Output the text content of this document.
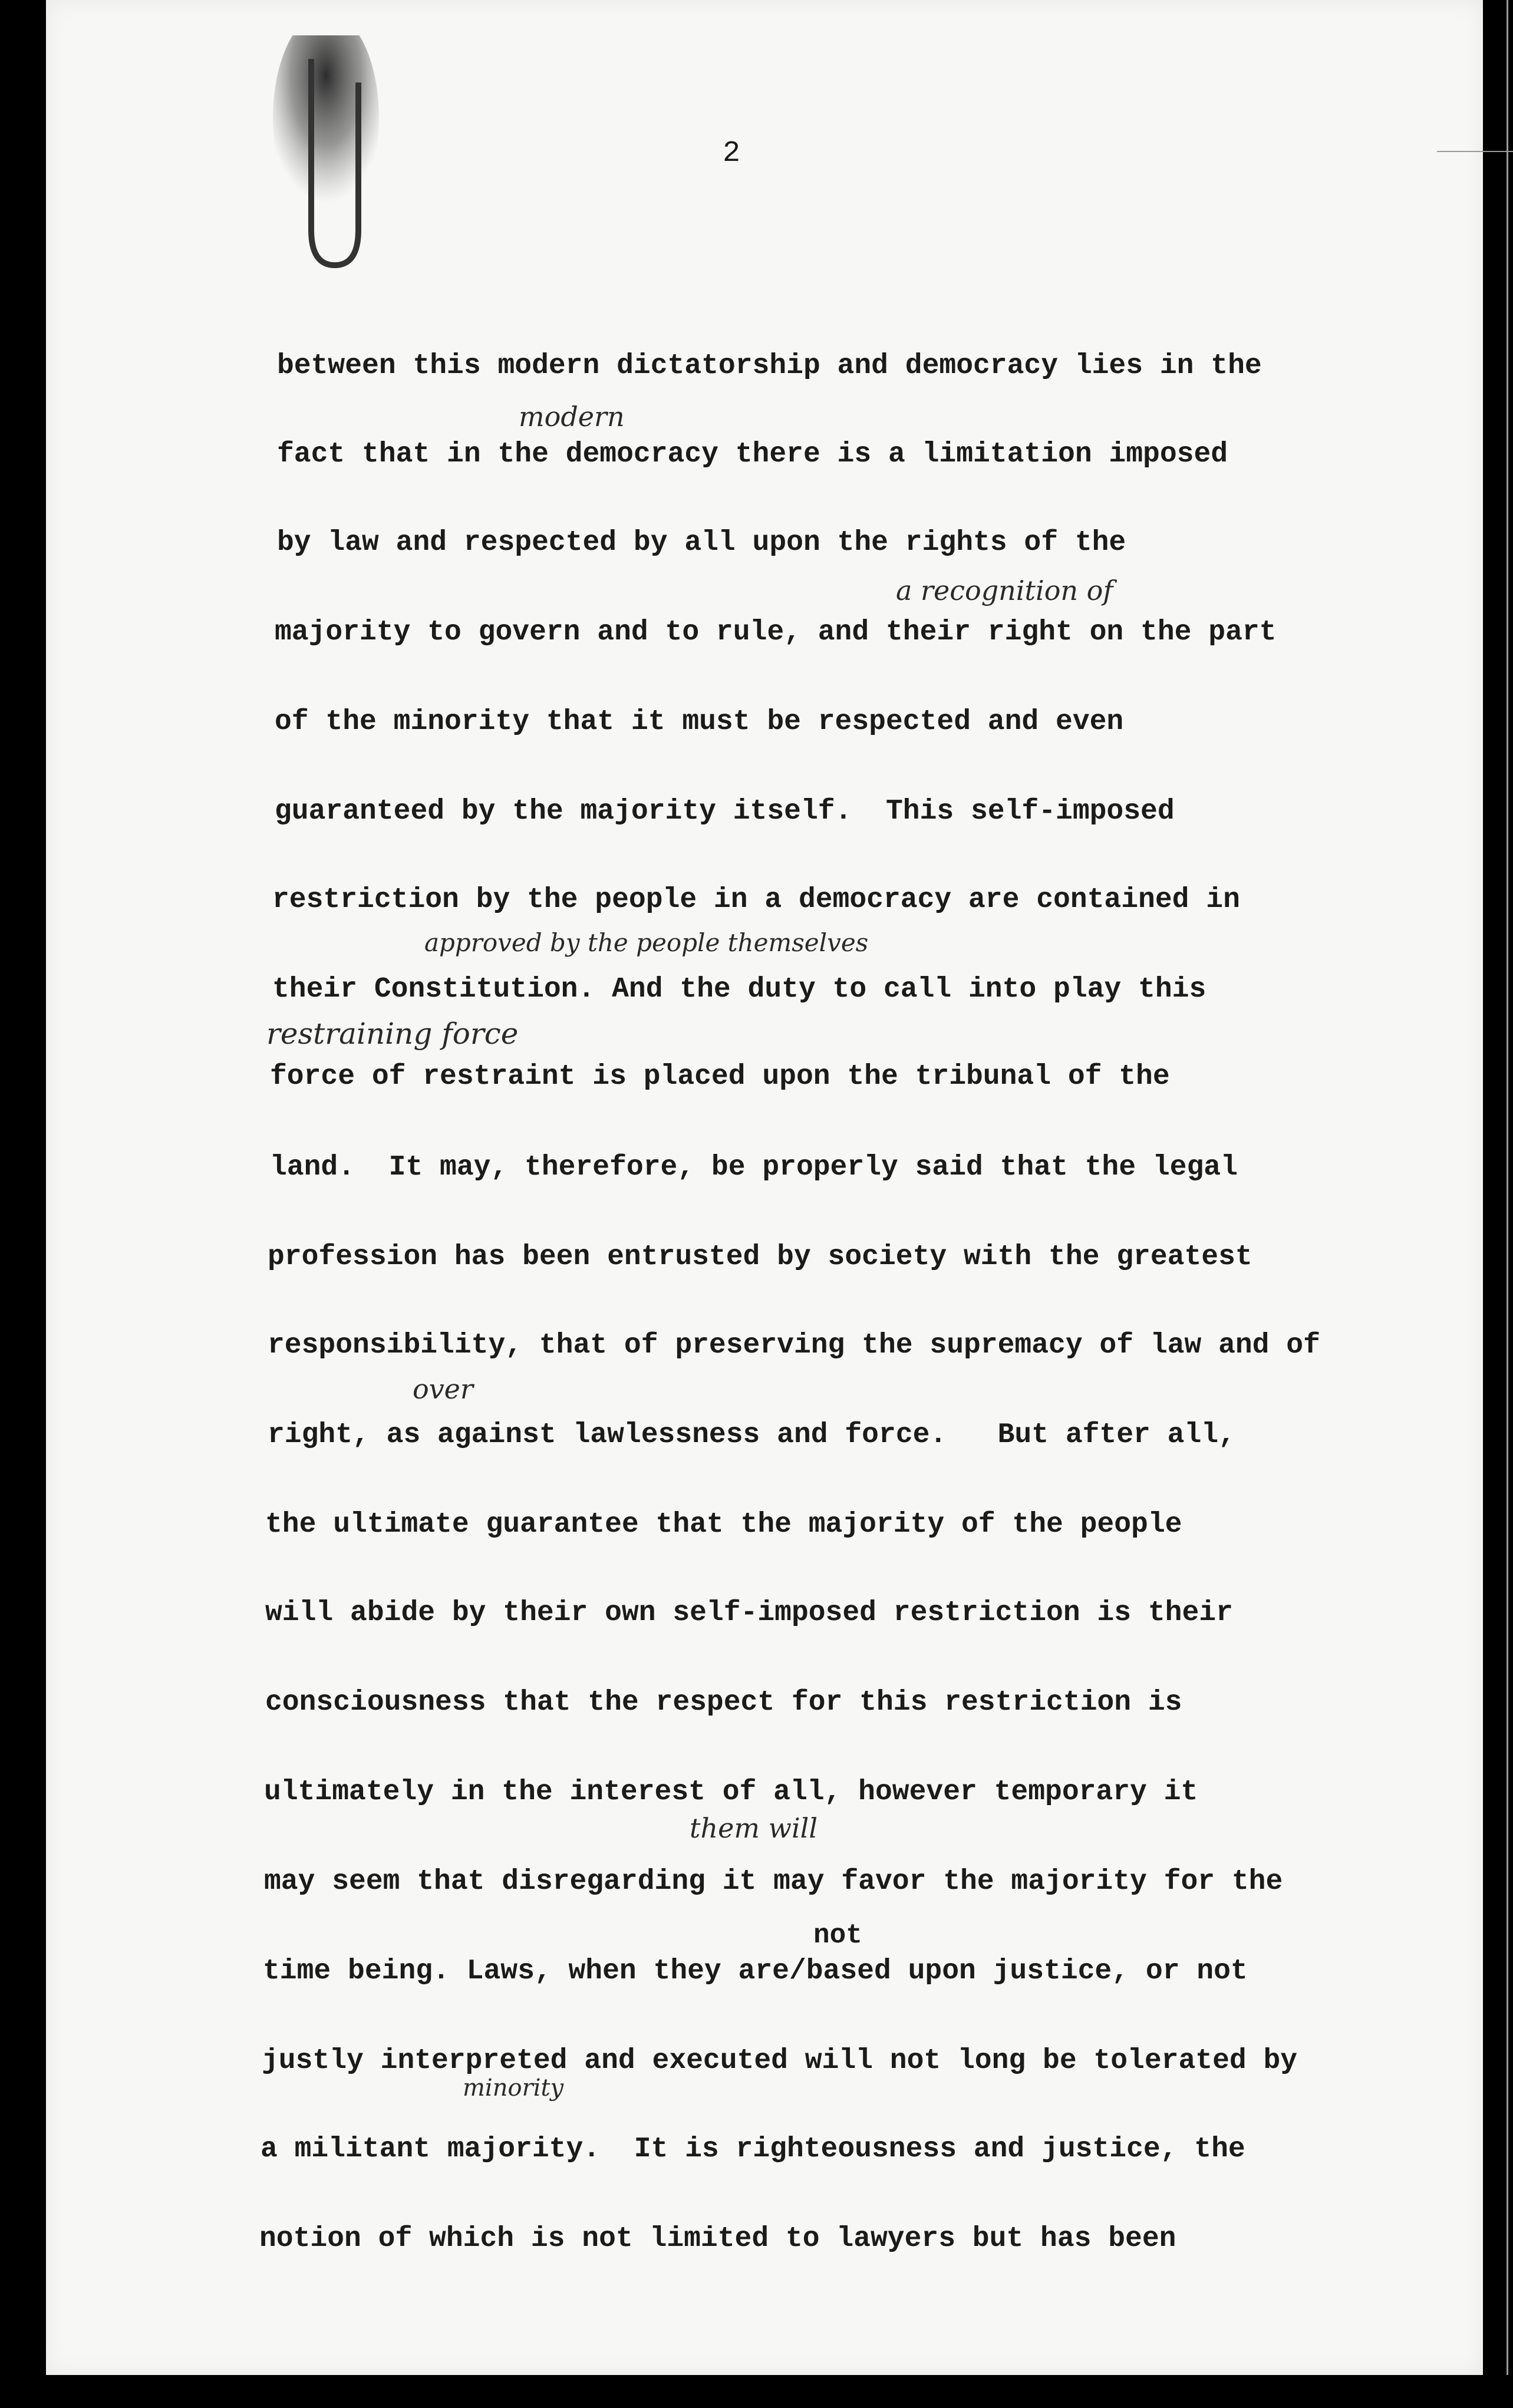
2
modern
a recognition of
approved by the people themselves
restraining force
over
them will
not
minority
between this modern dictatorship and democracy lies in the
fact that in the democracy there is a limitation imposed
by law and respected by all upon the rights of the
majority to govern and to rule, and their right on the part
of the minority that it must be respected and even
guaranteed by the majority itself.  This self-imposed
restriction by the people in a democracy are contained in
their Constitution. And the duty to call into play this
force of restraint is placed upon the tribunal of the
land.  It may, therefore, be properly said that the legal
profession has been entrusted by society with the greatest
responsibility, that of preserving the supremacy of law and of
right, as against lawlessness and force.   But after all,
the ultimate guarantee that the majority of the people
will abide by their own self-imposed restriction is their
consciousness that the respect for this restriction is
ultimately in the interest of all, however temporary it
may seem that disregarding it may favor the majority for the
time being. Laws, when they are/based upon justice, or not
justly interpreted and executed will not long be tolerated by
a militant majority.  It is righteousness and justice, the
notion of which is not limited to lawyers but has been
